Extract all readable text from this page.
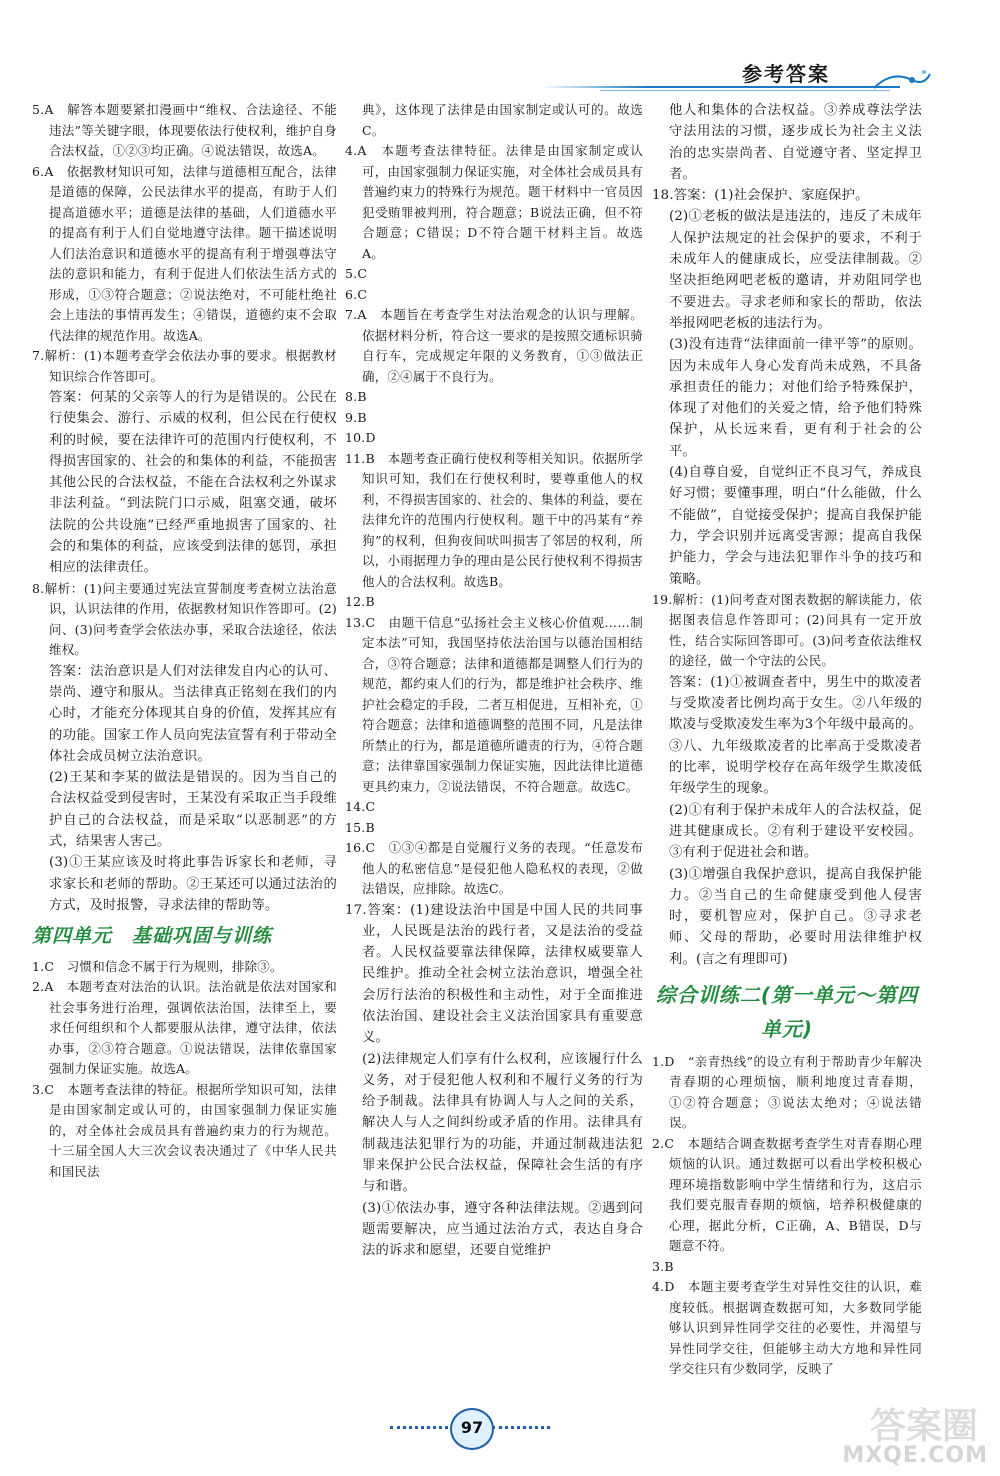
参考答案
5.A　解答本题要紧扣漫画中“维权、合法途径、不能违法”等关键字眼，体现要依法行使权利，维护自身合法权益，①②③均正确。④说法错误，故选A。
6.A　依据教材知识可知，法律与道德相互配合，法律是道德的保障，公民法律水平的提高，有助于人们提高道德水平；道德是法律的基础，人们道德水平的提高有利于人们自觉地遵守法律。题干描述说明人们法治意识和道德水平的提高有利于增强尊法守法的意识和能力，有利于促进人们依法生活方式的形成，①③符合题意；②说法绝对，不可能杜绝社会上违法的事情再发生；④错误，道德约束不会取代法律的规范作用。故选A。
7.解析：(1)本题考查学会依法办事的要求。根据教材知识综合作答即可。
答案：何某的父亲等人的行为是错误的。公民在行使集会、游行、示威的权利，但公民在行使权利的时候，要在法律许可的范围内行使权利，不得损害国家的、社会的和集体的利益，不能损害其他公民的合法权益，不能在合法权利之外谋求非法利益。“到法院门口示威，阻塞交通，破坏法院的公共设施”已经严重地损害了国家的、社会的和集体的利益，应该受到法律的惩罚，承担相应的法律责任。
8.解析：(1)问主要通过宪法宣誓制度考查树立法治意识，认识法律的作用，依据教材知识作答即可。(2)问、(3)问考查学会依法办事，采取合法途径，依法维权。
答案：法治意识是人们对法律发自内心的认可、崇尚、遵守和服从。当法律真正铭刻在我们的内心时，才能充分体现其自身的价值，发挥其应有的功能。国家工作人员向宪法宣誓有利于带动全体社会成员树立法治意识。
(2)王某和李某的做法是错误的。因为当自己的合法权益受到侵害时，王某没有采取正当手段维护自己的合法权益，而是采取“以恶制恶”的方式，结果害人害己。
(3)①王某应该及时将此事告诉家长和老师，寻求家长和老师的帮助。②王某还可以通过法治的方式，及时报警，寻求法律的帮助等。
第四单元　基础巩固与训练
1.C　习惯和信念不属于行为规则，排除③。
2.A　本题考查对法治的认识。法治就是依法对国家和社会事务进行治理，强调依法治国，法律至上，要求任何组织和个人都要服从法律，遵守法律，依法办事，②③符合题意。①说法错误，法律依靠国家强制力保证实施。故选A。
3.C　本题考查法律的特征。根据所学知识可知，法律是由国家制定或认可的，由国家强制力保证实施的，对全体社会成员具有普遍约束力的行为规范。十三届全国人大三次会议表决通过了《中华人民共和国民法
典》，这体现了法律是由国家制定或认可的。故选C。
4.A　本题考查法律特征。法律是由国家制定或认可，由国家强制力保证实施，对全体社会成员具有普遍约束力的特殊行为规范。题干材料中一官员因犯受贿罪被判刑，符合题意；B说法正确，但不符合题意；C错误；D不符合题干材料主旨。故选A。
5.C
6.C
7.A　本题旨在考查学生对法治观念的认识与理解。依据材料分析，符合这一要求的是按照交通标识骑自行车，完成规定年限的义务教育，①③做法正确，②④属于不良行为。
8.B
9.B
10.D
11.B　本题考查正确行使权利等相关知识。依据所学知识可知，我们在行使权利时，要尊重他人的权利，不得损害国家的、社会的、集体的利益，要在法律允许的范围内行使权利。题干中的冯某有“养狗”的权利，但狗夜间吠叫损害了邻居的权利，所以，小雨据理力争的理由是公民行使权利不得损害他人的合法权利。故选B。
12.B
13.C　由题干信息“弘扬社会主义核心价值观……制定本法”可知，我国坚持依法治国与以德治国相结合，③符合题意；法律和道德都是调整人们行为的规范，都约束人们的行为，都是维护社会秩序、维护社会稳定的手段，二者互相促进，互相补充，①符合题意；法律和道德调整的范围不同，凡是法律所禁止的行为，都是道德所谴责的行为，④符合题意；法律靠国家强制力保证实施，因此法律比道德更具约束力，②说法错误，不符合题意。故选C。
14.C
15.B
16.C　①③④都是自觉履行义务的表现。“任意发布他人的私密信息”是侵犯他人隐私权的表现，②做法错误，应排除。故选C。
17.答案：(1)建设法治中国是中国人民的共同事业，人民既是法治的践行者，又是法治的受益者。人民权益要靠法律保障，法律权威要靠人民维护。推动全社会树立法治意识，增强全社会厉行法治的积极性和主动性，对于全面推进依法治国、建设社会主义法治国家具有重要意义。
(2)法律规定人们享有什么权利，应该履行什么义务，对于侵犯他人权利和不履行义务的行为给予制裁。法律具有协调人与人之间的关系，解决人与人之间纠纷或矛盾的作用。法律具有制裁违法犯罪行为的功能，并通过制裁违法犯罪来保护公民合法权益，保障社会生活的有序与和谐。
(3)①依法办事，遵守各种法律法规。②遇到问题需要解决，应当通过法治方式，表达自身合法的诉求和愿望，还要自觉维护
他人和集体的合法权益。③养成尊法学法守法用法的习惯，逐步成长为社会主义法治的忠实崇尚者、自觉遵守者、坚定捍卫者。
18.答案：(1)社会保护、家庭保护。
(2)①老板的做法是违法的，违反了未成年人保护法规定的社会保护的要求，不利于未成年人的健康成长，应受法律制裁。②坚决拒绝网吧老板的邀请，并劝阻同学也不要进去。寻求老师和家长的帮助，依法举报网吧老板的违法行为。
(3)没有违背“法律面前一律平等”的原则。因为未成年人身心发育尚未成熟，不具备承担责任的能力；对他们给予特殊保护，体现了对他们的关爱之情，给予他们特殊保护，从长远来看，更有利于社会的公平。
(4)自尊自爱，自觉纠正不良习气，养成良好习惯；要懂事理，明白“什么能做，什么不能做”，自觉接受保护；提高自我保护能力，学会识别并远离受害源；提高自我保护能力，学会与违法犯罪作斗争的技巧和策略。
19.解析：(1)问考查对图表数据的解读能力，依据图表信息作答即可；(2)问具有一定开放性，结合实际回答即可。(3)问考查依法维权的途径，做一个守法的公民。
答案：(1)①被调查者中，男生中的欺凌者与受欺凌者比例均高于女生。②八年级的欺凌与受欺凌发生率为3个年级中最高的。③八、九年级欺凌者的比率高于受欺凌者的比率，说明学校存在高年级学生欺凌低年级学生的现象。
(2)①有利于保护未成年人的合法权益，促进其健康成长。②有利于建设平安校园。③有利于促进社会和谐。
(3)①增强自我保护意识，提高自我保护能力。②当自己的生命健康受到他人侵害时，要机智应对，保护自己。③寻求老师、父母的帮助，必要时用法律维护权利。(言之有理即可)
综合训练二(第一单元～第四单元)
1.D　“亲青热线”的设立有利于帮助青少年解决青春期的心理烦恼，顺利地度过青春期，①②符合题意；③说法太绝对；④说法错误。
2.C　本题结合调查数据考查学生对青春期心理烦恼的认识。通过数据可以看出学校积极心理环境指数影响中学生情绪和行为，这启示我们要克服青春期的烦恼，培养积极健康的心理，据此分析，C正确，A、B错误，D与题意不符。
3.B
4.D　本题主要考查学生对异性交往的认识，难度较低。根据调查数据可知，大多数同学能够认识到异性同学交往的必要性，并渴望与异性同学交往，但能够主动大方地和异性同学交往只有少数同学，反映了
97	答案圈
MXQE.COM
